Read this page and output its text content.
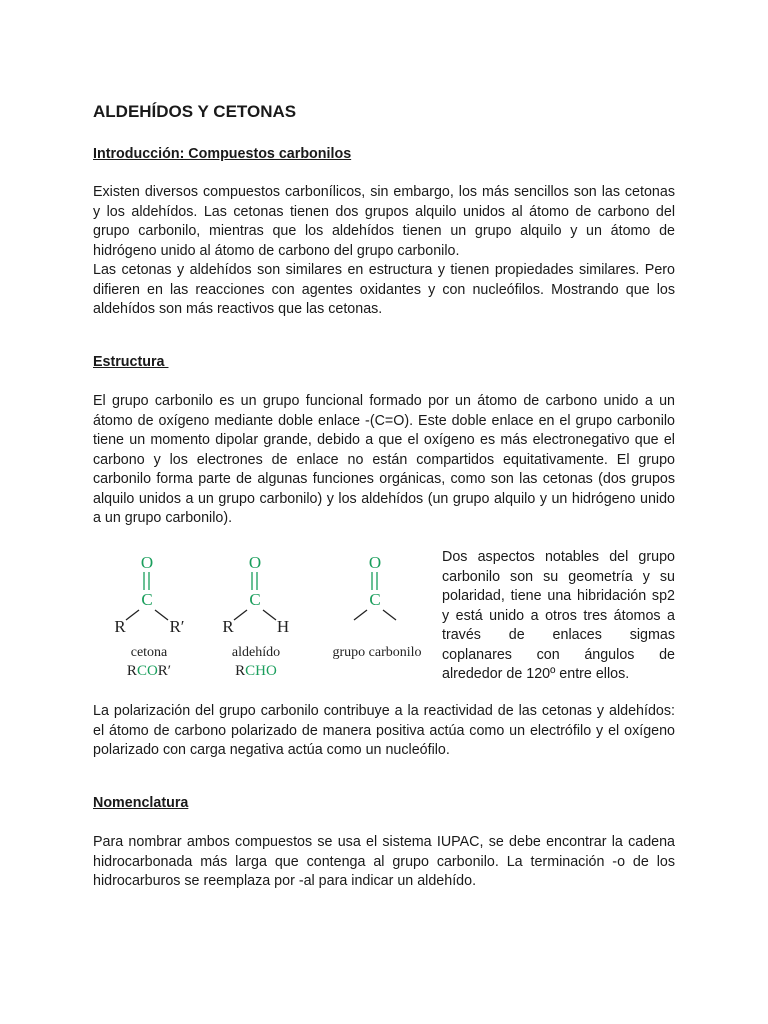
ALDEHÍDOS Y CETONAS
Introducción: Compuestos carbonilos

Existen diversos compuestos carbonílicos, sin embargo, los más sencillos son las cetonas y los aldehídos. Las cetonas tienen dos grupos alquilo unidos al átomo de carbono del grupo carbonilo, mientras que los aldehídos tienen un grupo alquilo y un átomo de hidrógeno unido al átomo de carbono del grupo carbonilo.
Las cetonas y aldehídos son similares en estructura y tienen propiedades similares. Pero difieren en las reacciones con agentes oxidantes y con nucleófilos. Mostrando que los aldehídos son más reactivos que las cetonas.

Estructura

El grupo carbonilo es un grupo funcional formado por un átomo de carbono unido a un átomo de oxígeno mediante doble enlace -(C=O). Este doble enlace en el grupo carbonilo tiene un momento dipolar grande, debido a que el oxígeno es más electronegativo que el carbono y los electrones de enlace no están compartidos equitativamente. El grupo carbonilo forma parte de algunas funciones orgánicas, como son las cetonas (dos grupos alquilo unidos a un grupo carbonilo) y los aldehídos (un grupo alquilo y un hidrógeno unido a un grupo carbonilo).

O
C
R	R′
cetona
RCOR′
O
C
R	H
aldehído
RCHO
O
C
grupo carbonilo

Dos aspectos notables del grupo carbonilo son su geometría y su polaridad, tiene una hibridación sp2 y está unido a otros tres átomos a través de enlaces sigmas coplanares con ángulos de alrededor de 120º entre ellos.

La polarización del grupo carbonilo contribuye a la reactividad de las cetonas y aldehídos: el átomo de carbono polarizado de manera positiva actúa como un electrófilo y el oxígeno polarizado con carga negativa actúa como un nucleófilo.

Nomenclatura

Para nombrar ambos compuestos se usa el sistema IUPAC, se debe encontrar la cadena hidrocarbonada más larga que contenga al grupo carbonilo. La terminación -o de los hidrocarburos se reemplaza por -al para indicar un aldehído.
